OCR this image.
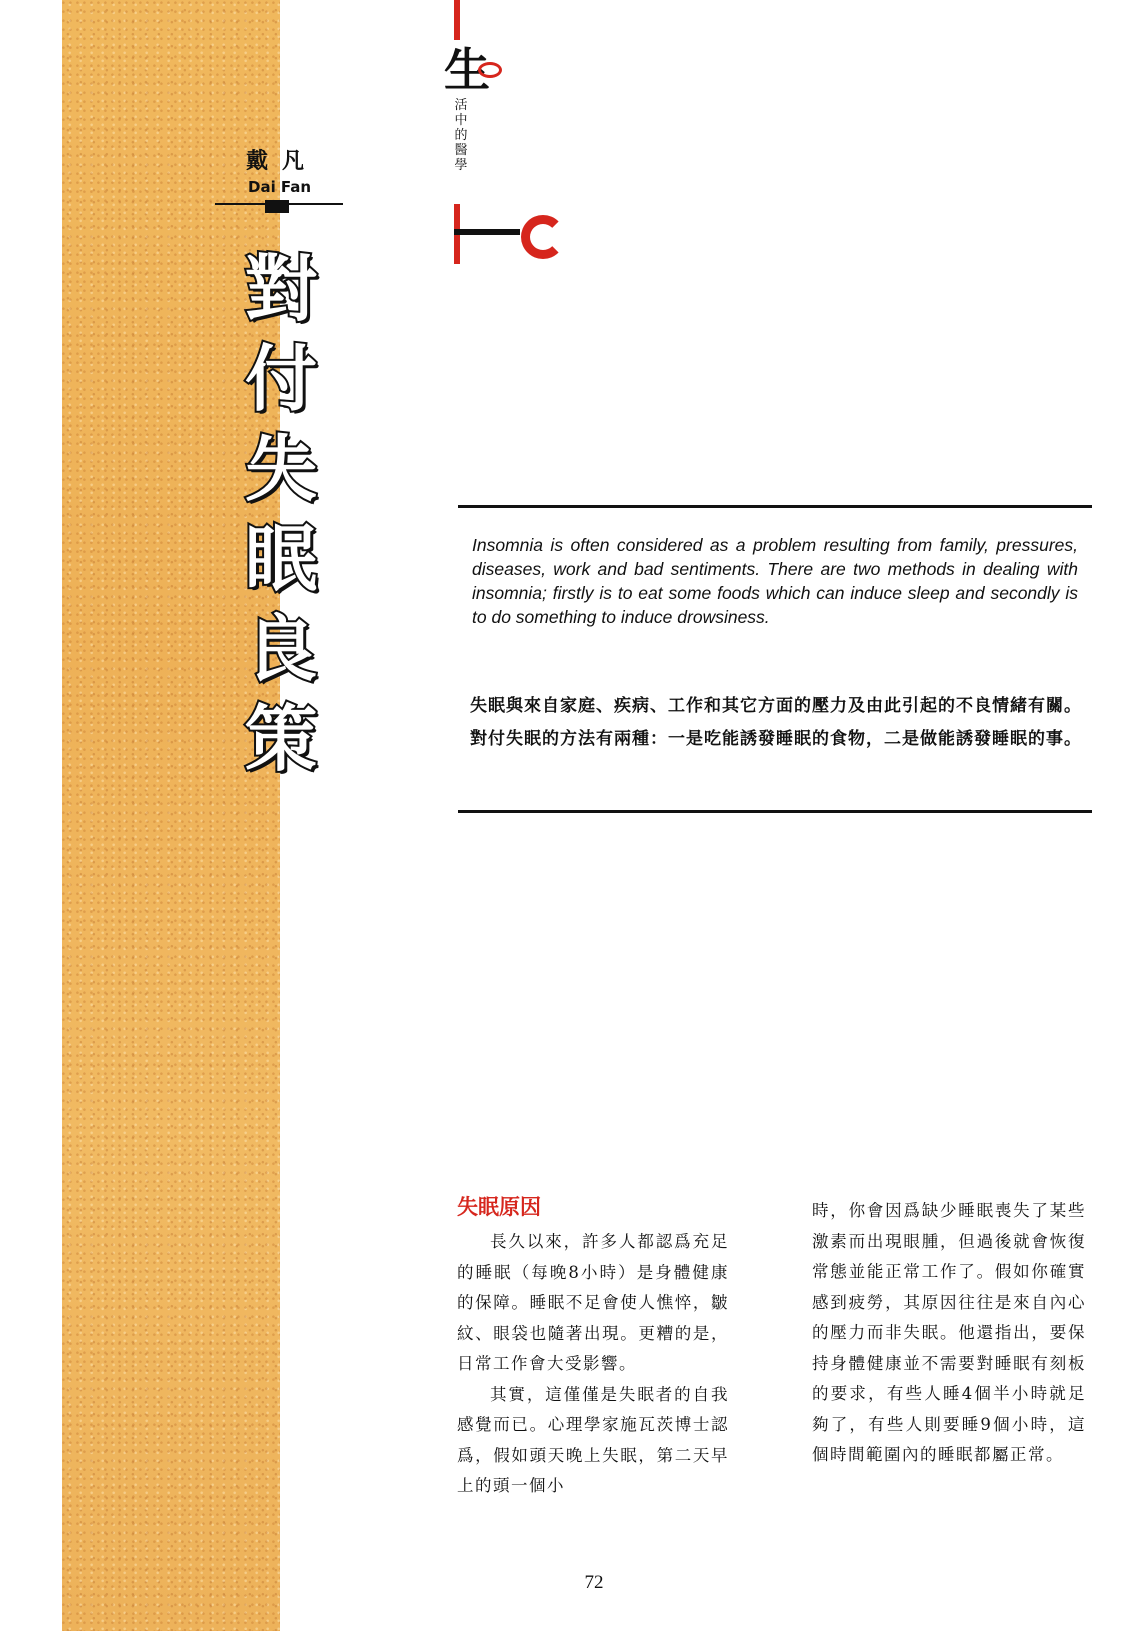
戴凡
Dai Fan
對
付
失
眠
良
策
生
活
中
的
醫
學
Insomnia is often considered as a problem resulting from family, pressures, diseases, work and bad sentiments. There are two methods in dealing with insomnia; firstly is to eat some foods which can induce sleep and secondly is to do something to induce drowsiness.
失眠與來自家庭、疾病、工作和其它方面的壓力及由此引起的不良情緒有關。對付失眠的方法有兩種：一是吃能誘發睡眠的食物，二是做能誘發睡眠的事。
失眠原因

長久以來，許多人都認爲充足的睡眠（每晚8小時）是身體健康的保障。睡眠不足會使人憔悴，皺紋、眼袋也隨著出現。更糟的是，日常工作會大受影響。

其實，這僅僅是失眠者的自我感覺而已。心理學家施瓦茨博士認爲，假如頭天晚上失眠，第二天早上的頭一個小

時，你會因爲缺少睡眠喪失了某些激素而出現眼腫，但過後就會恢復常態並能正常工作了。假如你確實感到疲勞，其原因往往是來自內心的壓力而非失眠。他還指出，要保持身體健康並不需要對睡眠有刻板的要求，有些人睡4個半小時就足夠了，有些人則要睡9個小時，這個時間範圍內的睡眠都屬正常。

72
